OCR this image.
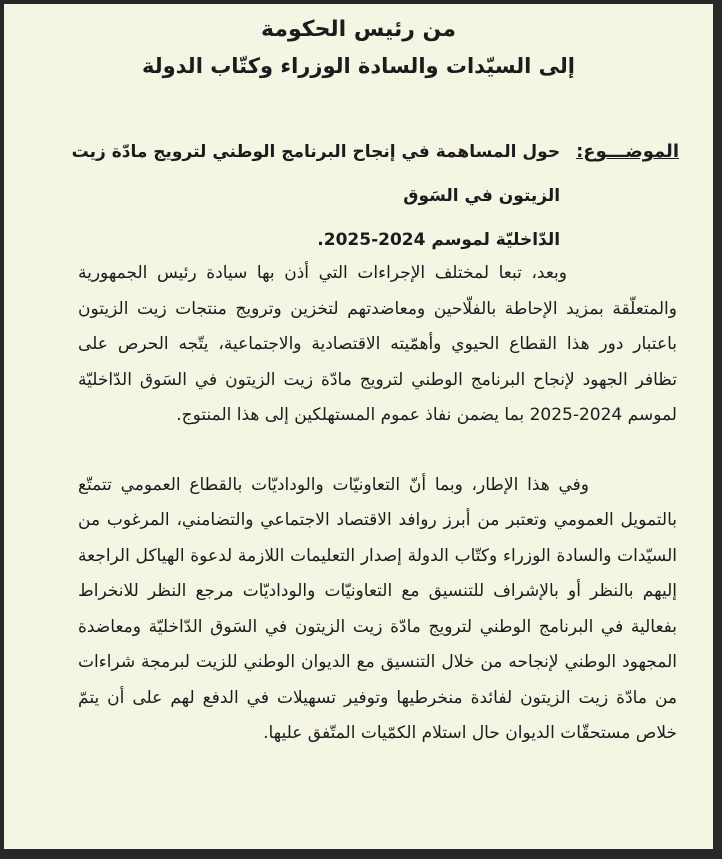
من رئيس الحكومة
إلى السيّدات والسادة الوزراء وكتّاب الدولة
الموضـــوع:
حول المساهمة في إنجاح البرنامج الوطني لترويج مادّة زيت الزيتون في السَوق
الدّاخليّة لموسم 2024-2025.

وبعد، تبعا لمختلف الإجراءات التي أذن بها سيادة رئيس الجمهورية والمتعلّقة بمزيد الإحاطة بالفلّاحين ومعاضدتهم لتخزين وترويج منتجات زيت الزيتون باعتبار دور هذا القطاع الحيوي وأهمّيته الاقتصادية والاجتماعية، يتّجه الحرص على تظافر الجهود لإنجاح البرنامج الوطني لترويج مادّة زيت الزيتون في السَوق الدّاخليّة لموسم 2024-2025 بما يضمن نفاذ عموم المستهلكين إلى هذا المنتوج.

وفي هذا الإطار، وبما أنّ التعاونيّات والوداديّات بالقطاع العمومي تتمتّع بالتمويل العمومي وتعتبر من أبرز روافد الاقتصاد الاجتماعي والتضامني، المرغوب من السيّدات والسادة الوزراء وكتّاب الدولة إصدار التعليمات اللازمة لدعوة الهياكل الراجعة إليهم بالنظر أو بالإشراف للتنسيق مع التعاونيّات والوداديّات مرجع النظر للانخراط بفعالية في البرنامج الوطني لترويج مادّة زيت الزيتون في السَوق الدّاخليّة ومعاضدة المجهود الوطني لإنجاحه من خلال التنسيق مع الديوان الوطني للزيت لبرمجة شراءات من مادّة زيت الزيتون لفائدة منخرطيها وتوفير تسهيلات في الدفع لهم على أن يتمّ خلاص مستحقّات الديوان حال استلام الكمّيات المتّفق عليها.
